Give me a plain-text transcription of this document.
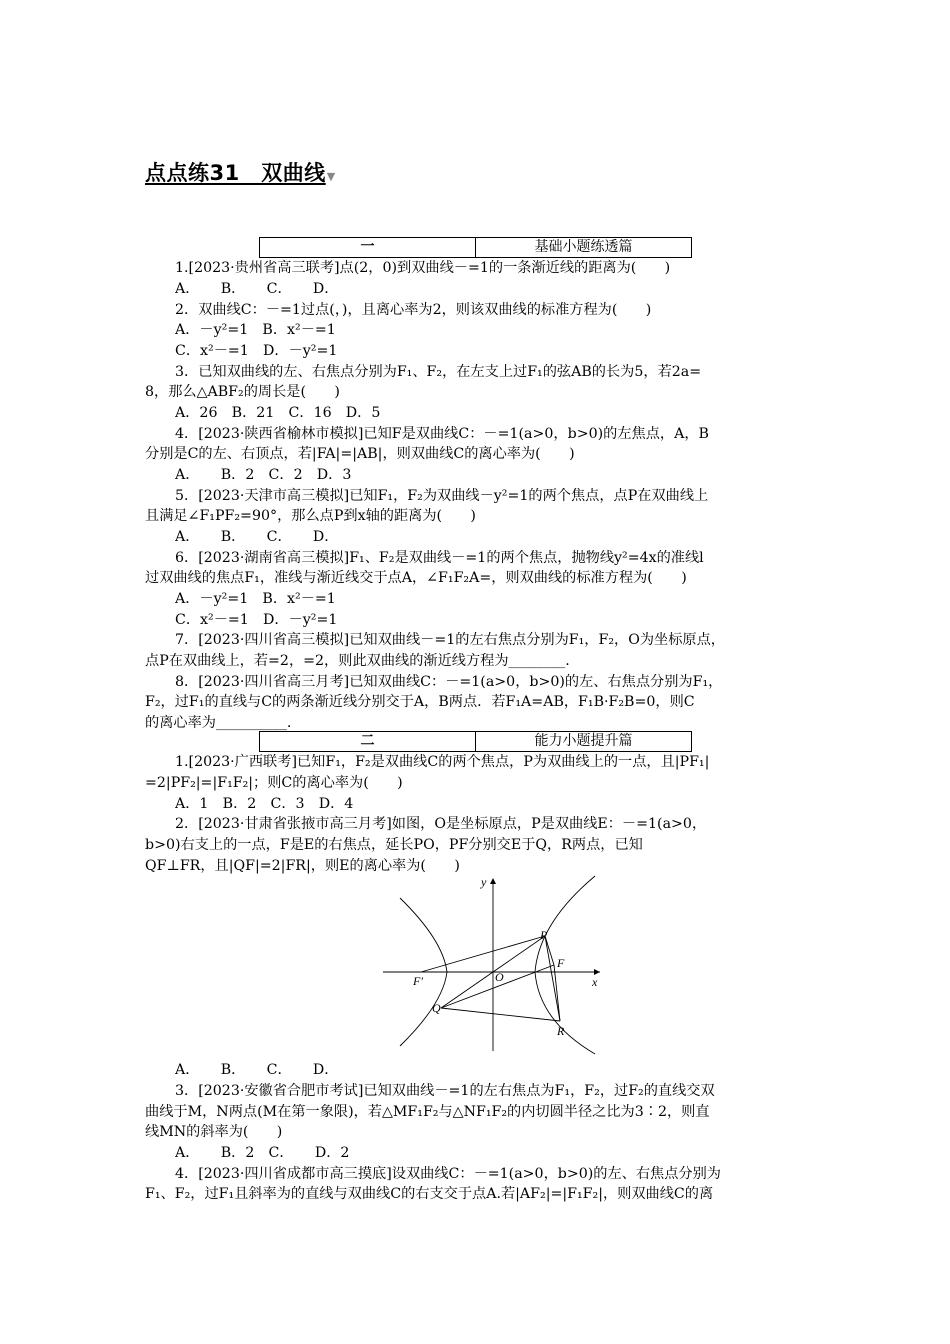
点点练31　双曲线▼
一	基础小题练透篇
1.[2023·贵州省高三联考]点(2，0)到双曲线－=1的一条渐近线的距离为(　　)
A．　　B．　　C．　　D．
2．双曲线C：－=1过点(，)，且离心率为2，则该双曲线的标准方程为(　　)
A．－y²=1　B．x²－=1
C．x²－=1　D．－y²=1
3．已知双曲线的左、右焦点分别为F₁、F₂，在左支上过F₁的弦AB的长为5，若2a=
8，那么△ABF₂的周长是(　　)
A．26　B．21　C．16　D．5
4．[2023·陕西省榆林市模拟]已知F是双曲线C：－=1(a>0，b>0)的左焦点，A，B
分别是C的左、右顶点，若|FA|=|AB|，则双曲线C的离心率为(　　)
A．　　B．2　C．2　D．3
5．[2023·天津市高三模拟]已知F₁，F₂为双曲线－y²=1的两个焦点，点P在双曲线上
且满足∠F₁PF₂=90°，那么点P到x轴的距离为(　　)
A．　　B．　　C．　　D．
6．[2023·湖南省高三模拟]F₁、F₂是双曲线－=1的两个焦点，抛物线y²=4x的准线l
过双曲线的焦点F₁，准线与渐近线交于点A，∠F₁F₂A=，则双曲线的标准方程为(　　)
A．－y²=1　B．x²－=1
C．x²－=1　D．－y²=1
7．[2023·四川省高三模拟]已知双曲线－=1的左右焦点分别为F₁，F₂，O为坐标原点，
点P在双曲线上，若=2，=2，则此双曲线的渐近线方程为________.
8．[2023·四川省高三月考]已知双曲线C：－=1(a>0，b>0)的左、右焦点分别为F₁，
F₂，过F₁的直线与C的两条渐近线分别交于A，B两点．若F₁A=AB，F₁B·F₂B=0，则C
的离心率为__________.
二	能力小题提升篇
1.[2023·广西联考]已知F₁，F₂是双曲线C的两个焦点，P为双曲线上的一点，且|PF₁|
=2|PF₂|=|F₁F₂|；则C的离心率为(　　)
A．1　B．2　C．3　D．4
2．[2023·甘肃省张掖市高三月考]如图，O是坐标原点，P是双曲线E：－=1(a>0，
b>0)右支上的一点，F是E的右焦点，延长PO，PF分别交E于Q，R两点，已知
QF⊥FR，且|QF|=2|FR|，则E的离心率为(　　)
y
x
P
F
O
F′
Q
R
A．　　B．　　C．　　D．
3．[2023·安徽省合肥市考试]已知双曲线－=1的左右焦点为F₁，F₂，过F₂的直线交双
曲线于M，N两点(M在第一象限)，若△MF₁F₂与△NF₁F₂的内切圆半径之比为3∶2，则直
线MN的斜率为(　　)
A．　　B．2　C．　　D．2
4．[2023·四川省成都市高三摸底]设双曲线C：－=1(a>0，b>0)的左、右焦点分别为
F₁、F₂，过F₁且斜率为的直线与双曲线C的右支交于点A.若|AF₂|=|F₁F₂|，则双曲线C的离
